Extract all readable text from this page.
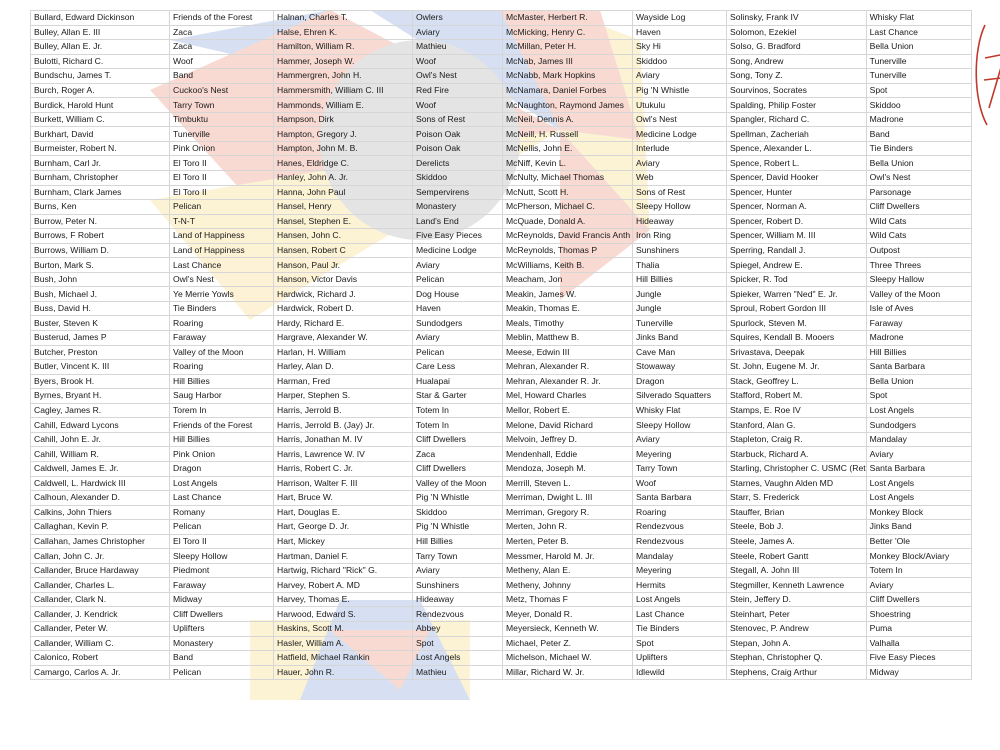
Bullard, Edward Dickinson	Friends of the Forest	Halnan, Charles T.	Owlers	McMaster, Herbert R.	Wayside Log	Solinsky, Frank IV	Whisky Flat
Bulley, Allan E. III	Zaca	Halse, Ehren K.	Aviary	McMicking, Henry C.	Haven	Solomon, Ezekiel	Last Chance
Bulley, Allan E. Jr.	Zaca	Hamilton, William R.	Mathieu	McMillan, Peter H.	Sky Hi	Solso, G. Bradford	Bella Union
Bulotti, Richard C.	Woof	Hammer, Joseph W.	Woof	McNab, James III	Skiddoo	Song, Andrew	Tunerville
Bundschu, James T.	Band	Hammergren, John H.	Owl's Nest	McNabb, Mark Hopkins	Aviary	Song, Tony Z.	Tunerville
Burch, Roger A.	Cuckoo's Nest	Hammersmith, William C. III	Red Fire	McNamara, Daniel Forbes	Pig 'N Whistle	Sourvinos, Socrates	Spot
Burdick, Harold Hunt	Tarry Town	Hammonds, William E.	Woof	McNaughton, Raymond James	Utukulu	Spalding, Philip Foster	Skiddoo
Burkett, William C.	Timbuktu	Hampson, Dirk	Sons of Rest	McNeil, Dennis A.	Owl's Nest	Spangler, Richard C.	Madrone
Burkhart, David	Tunerville	Hampton, Gregory J.	Poison Oak	McNeill, H. Russell	Medicine Lodge	Spellman, Zacheriah	Band
Burmeister, Robert N.	Pink Onion	Hampton, John M. B.	Poison Oak	McNellis, John E.	Interlude	Spence, Alexander L.	Tie Binders
Burnham, Carl Jr.	El Toro II	Hanes, Eldridge C.	Derelicts	McNiff, Kevin L.	Aviary	Spence, Robert L.	Bella Union
Burnham, Christopher	El Toro II	Hanley, John A. Jr.	Skiddoo	McNulty, Michael Thomas	Web	Spencer, David Hooker	Owl's Nest
Burnham, Clark James	El Toro II	Hanna, John Paul	Sempervirens	McNutt, Scott H.	Sons of Rest	Spencer, Hunter	Parsonage
Burns, Ken	Pelican	Hansel, Henry	Monastery	McPherson, Michael C.	Sleepy Hollow	Spencer, Norman A.	Cliff Dwellers
Burrow, Peter N.	T-N-T	Hansel, Stephen E.	Land's End	McQuade, Donald A.	Hideaway	Spencer, Robert D.	Wild Cats
Burrows, F Robert	Land of Happiness	Hansen, John C.	Five Easy Pieces	McReynolds, David Francis Anth	Iron Ring	Spencer, William M. III	Wild Cats
Burrows, William D.	Land of Happiness	Hansen, Robert C	Medicine Lodge	McReynolds, Thomas P	Sunshiners	Sperring, Randall J.	Outpost
Burton, Mark S.	Last Chance	Hanson, Paul Jr.	Aviary	McWilliams, Keith B.	Thalia	Spiegel, Andrew E.	Three Threes
Bush, John	Owl's Nest	Hanson, Victor Davis	Pelican	Meacham, Jon	Hill Billies	Spicker, R. Tod	Sleepy Hallow
Bush, Michael J.	Ye Merrie Yowls	Hardwick, Richard J.	Dog House	Meakin, James W.	Jungle	Spieker, Warren "Ned" E. Jr.	Valley of the Moon
Buss, David H.	Tie Binders	Hardwick, Robert D.	Haven	Meakin, Thomas E.	Jungle	Sproul, Robert Gordon III	Isle of Aves
Buster, Steven K	Roaring	Hardy, Richard E.	Sundodgers	Meals, Timothy	Tunerville	Spurlock, Steven M.	Faraway
Busterud, James P	Faraway	Hargrave, Alexander W.	Aviary	Meblin, Matthew B.	Jinks Band	Squires, Kendall B. Mooers	Madrone
Butcher, Preston	Valley of the Moon	Harlan, H. William	Pelican	Meese, Edwin III	Cave Man	Srivastava, Deepak	Hill Billies
Butler, Vincent K. III	Roaring	Harley, Alan D.	Care Less	Mehran, Alexander R.	Stowaway	St. John, Eugene M. Jr.	Santa Barbara
Byers, Brook H.	Hill Billies	Harman, Fred	Hualapai	Mehran, Alexander R. Jr.	Dragon	Stack, Geoffrey L.	Bella Union
Byrnes, Bryant H.	Saug Harbor	Harper, Stephen S.	Star & Garter	Mel, Howard Charles	Silverado Squatters	Stafford, Robert M.	Spot
Cagley, James R.	Torem In	Harris, Jerrold B.	Totem In	Mellor, Robert E.	Whisky Flat	Stamps, E. Roe IV	Lost Angels
Cahill, Edward Lycons	Friends of the Forest	Harris, Jerrold B. (Jay) Jr.	Totem In	Melone, David Richard	Sleepy Hollow	Stanford, Alan G.	Sundodgers
Cahill, John E. Jr.	Hill Billies	Harris, Jonathan M. IV	Cliff Dwellers	Melvoin, Jeffrey D.	Aviary	Stapleton, Craig R.	Mandalay
Cahill, William R.	Pink Onion	Harris, Lawrence W. IV	Zaca	Mendenhall, Eddie	Meyering	Starbuck, Richard A.	Aviary
Caldwell, James E. Jr.	Dragon	Harris, Robert C. Jr.	Cliff Dwellers	Mendoza, Joseph M.	Tarry Town	Starling, Christopher C. USMC (Ret	Santa Barbara
Caldwell, L. Hardwick III	Lost Angels	Harrison, Walter F. III	Valley of the Moon	Merrill, Steven L.	Woof	Starnes, Vaughn Alden MD	Lost Angels
Calhoun, Alexander D.	Last Chance	Hart, Bruce W.	Pig 'N Whistle	Merriman, Dwight L. III	Santa Barbara	Starr, S. Frederick	Lost Angels
Calkins, John Thiers	Romany	Hart, Douglas E.	Skiddoo	Merriman, Gregory R.	Roaring	Stauffer, Brian	Monkey Block
Callaghan, Kevin P.	Pelican	Hart, George D. Jr.	Pig 'N Whistle	Merten, John R.	Rendezvous	Steele, Bob J.	Jinks Band
Callahan, James Christopher	El Toro II	Hart, Mickey	Hill Billies	Merten, Peter B.	Rendezvous	Steele, James A.	Better 'Ole
Callan, John C. Jr.	Sleepy Hollow	Hartman, Daniel F.	Tarry Town	Messmer, Harold M. Jr.	Mandalay	Steele, Robert Gantt	Monkey Block/Aviary
Callander, Bruce Hardaway	Piedmont	Hartwig, Richard "Rick" G.	Aviary	Metheny, Alan E.	Meyering	Stegall, A. John III	Totem In
Callander, Charles L.	Faraway	Harvey, Robert A. MD	Sunshiners	Metheny, Johnny	Hermits	Stegmiller, Kenneth Lawrence	Aviary
Callander, Clark N.	Midway	Harvey, Thomas E.	Hideaway	Metz, Thomas F	Lost Angels	Stein, Jeffery D.	Cliff Dwellers
Callander, J. Kendrick	Cliff Dwellers	Harwood, Edward S.	Rendezvous	Meyer, Donald R.	Last Chance	Steinhart, Peter	Shoestring
Callander, Peter W.	Uplifters	Haskins, Scott M.	Abbey	Meyersieck, Kenneth W.	Tie Binders	Stenovec, P. Andrew	Puma
Callander, William C.	Monastery	Hasler, William A.	Spot	Michael, Peter Z.	Spot	Stepan, John A.	Valhalla
Calonico, Robert	Band	Hatfield, Michael Rankin	Lost Angels	Michelson, Michael W.	Uplifters	Stephan, Christopher Q.	Five Easy Pieces
Camargo, Carlos A. Jr.	Pelican	Hauer, John R.	Mathieu	Millar, Richard W. Jr.	Idlewild	Stephens, Craig Arthur	Midway
